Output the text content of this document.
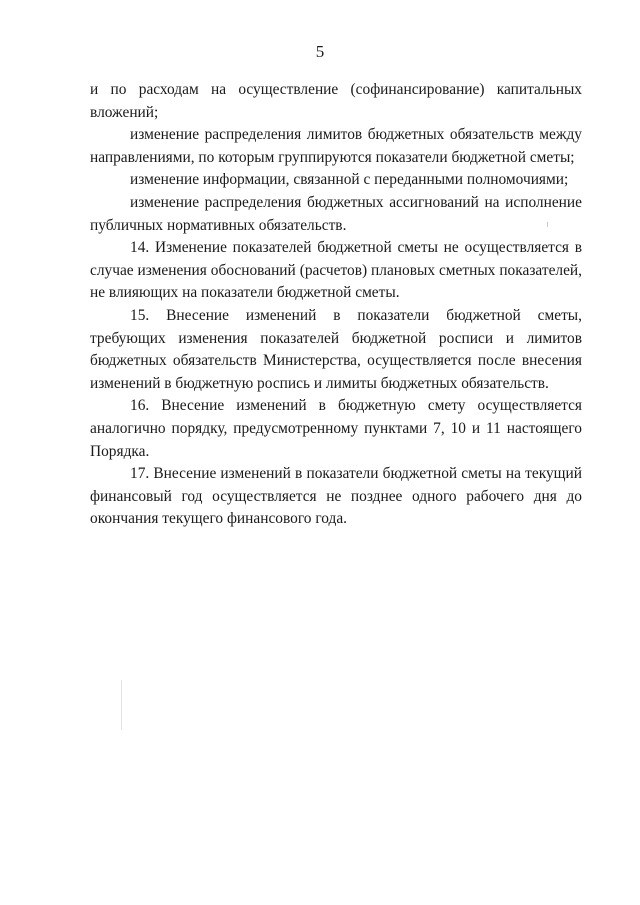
5

и по расходам на осуществление (софинансирование) капитальных вложений;

изменение распределения лимитов бюджетных обязательств между направлениями, по которым группируются показатели бюджетной сметы;

изменение информации, связанной с переданными полномочиями;

изменение распределения бюджетных ассигнований на исполнение публичных нормативных обязательств.

14. Изменение показателей бюджетной сметы не осуществляется в случае изменения обоснований (расчетов) плановых сметных показателей, не влияющих на показатели бюджетной сметы.

15. Внесение изменений в показатели бюджетной сметы, требующих изменения показателей бюджетной росписи и лимитов бюджетных обязательств Министерства, осуществляется после внесения изменений в бюджетную роспись и лимиты бюджетных обязательств.

16. Внесение изменений в бюджетную смету осуществляется аналогично порядку, предусмотренному пунктами 7, 10 и 11 настоящего Порядка.

17. Внесение изменений в показатели бюджетной сметы на текущий финансовый год осуществляется не позднее одного рабочего дня до окончания текущего финансового года.
